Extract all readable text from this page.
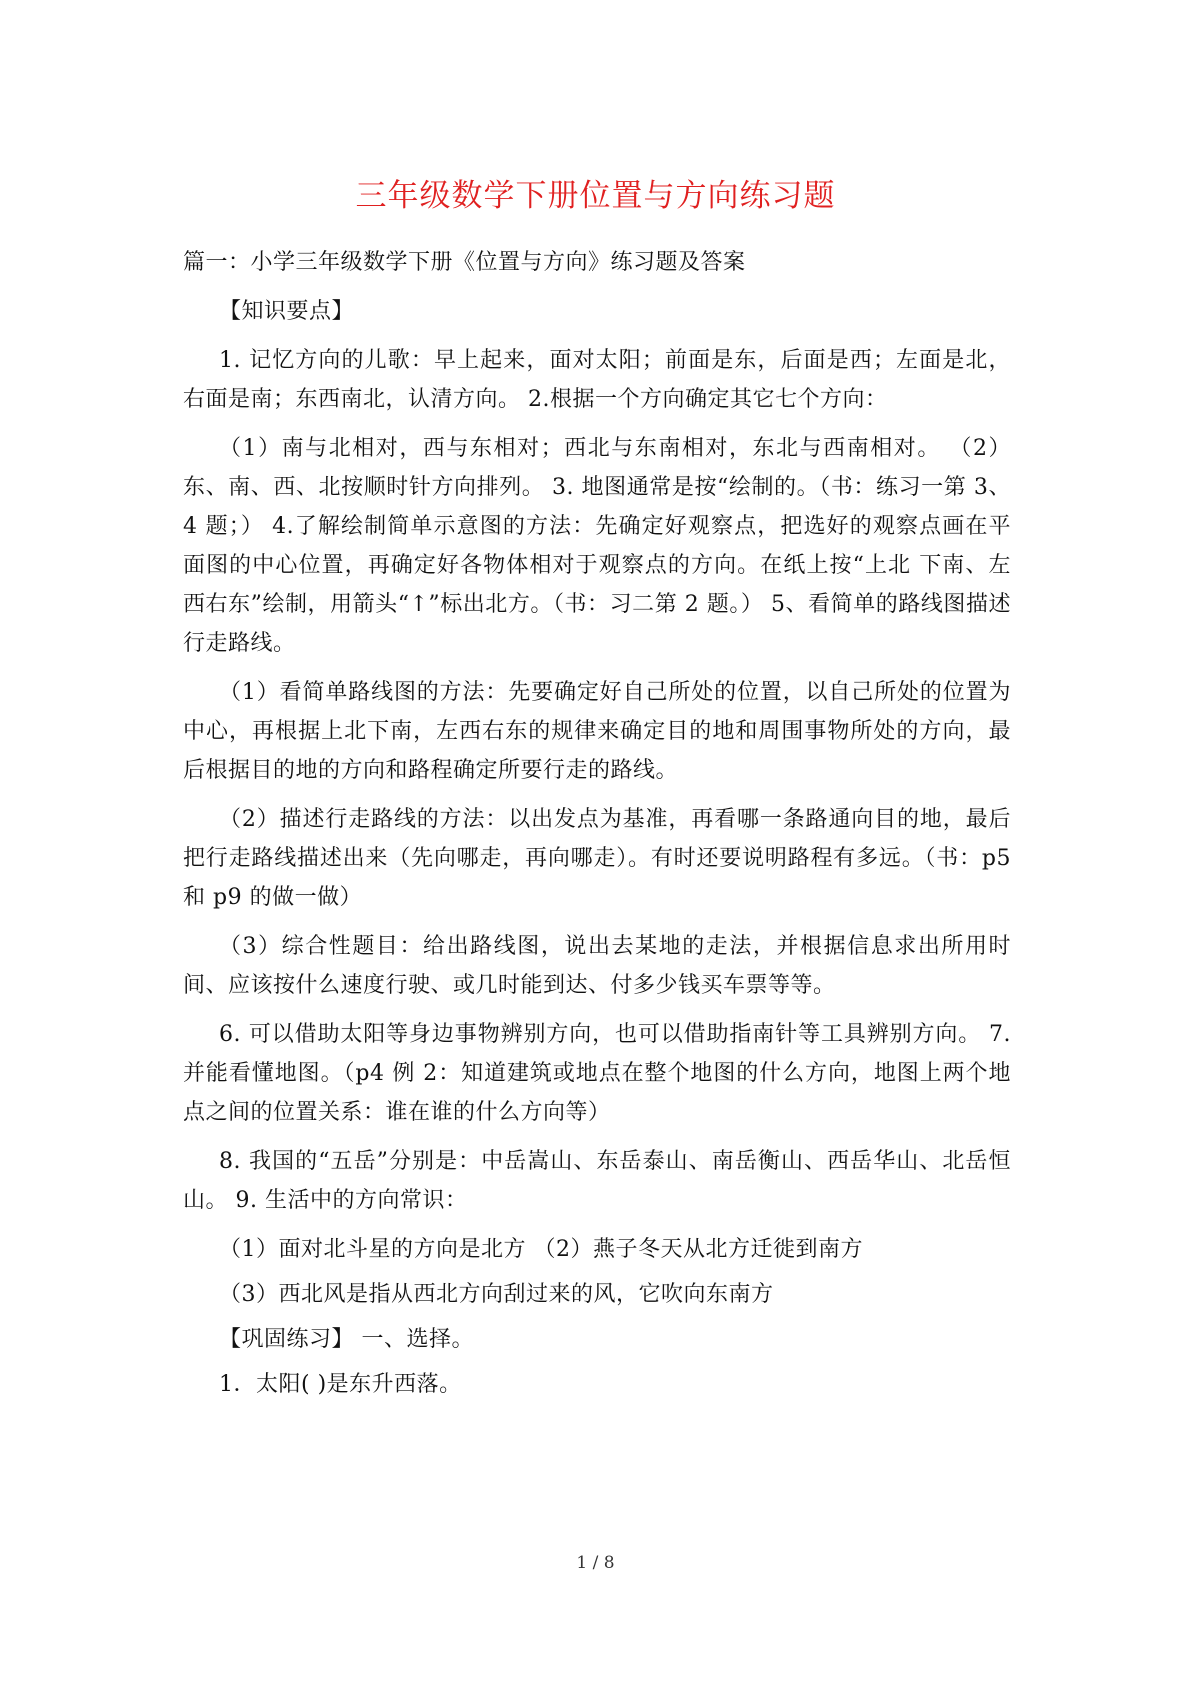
三年级数学下册位置与方向练习题

篇一：小学三年级数学下册《位置与方向》练习题及答案

【知识要点】

1. 记忆方向的儿歌：早上起来，面对太阳；前面是东，后面是西；左面是北，右面是南；东西南北，认清方向。 2.根据一个方向确定其它七个方向：

（1）南与北相对，西与东相对；西北与东南相对，东北与西南相对。 （2）东、南、西、北按顺时针方向排列。 3. 地图通常是按“绘制的。（书：练习一第 3、4 题；） 4.了解绘制简单示意图的方法：先确定好观察点，把选好的观察点画在平 面图的中心位置，再确定好各物体相对于观察点的方向。在纸上按“上北 下南、左西右东”绘制，用箭头“↑”标出北方。（书：习二第 2 题。） 5、看简单的路线图描述行走路线。

（1）看简单路线图的方法：先要确定好自己所处的位置，以自己所处的位置为中心，再根据上北下南，左西右东的规律来确定目的地和周围事物所处的方向，最后根据目的地的方向和路程确定所要行走的路线。

（2）描述行走路线的方法：以出发点为基准，再看哪一条路通向目的地，最后把行走路线描述出来（先向哪走，再向哪走）。有时还要说明路程有多远。（书：p5 和 p9 的做一做）

（3）综合性题目：给出路线图，说出去某地的走法，并根据信息求出所用时间、应该按什么速度行驶、或几时能到达、付多少钱买车票等等。

6. 可以借助太阳等身边事物辨别方向，也可以借助指南针等工具辨别方向。 7. 并能看懂地图。（p4 例 2：知道建筑或地点在整个地图的什么方向，地图上两个地点之间的位置关系：谁在谁的什么方向等）

8. 我国的“五岳”分别是：中岳嵩山、东岳泰山、南岳衡山、西岳华山、北岳恒山。 9. 生活中的方向常识：

（1）面对北斗星的方向是北方 （2）燕子冬天从北方迁徙到南方

（3）西北风是指从西北方向刮过来的风，它吹向东南方

【巩固练习】 一、选择。

1．太阳( )是东升西落。

1 / 8
